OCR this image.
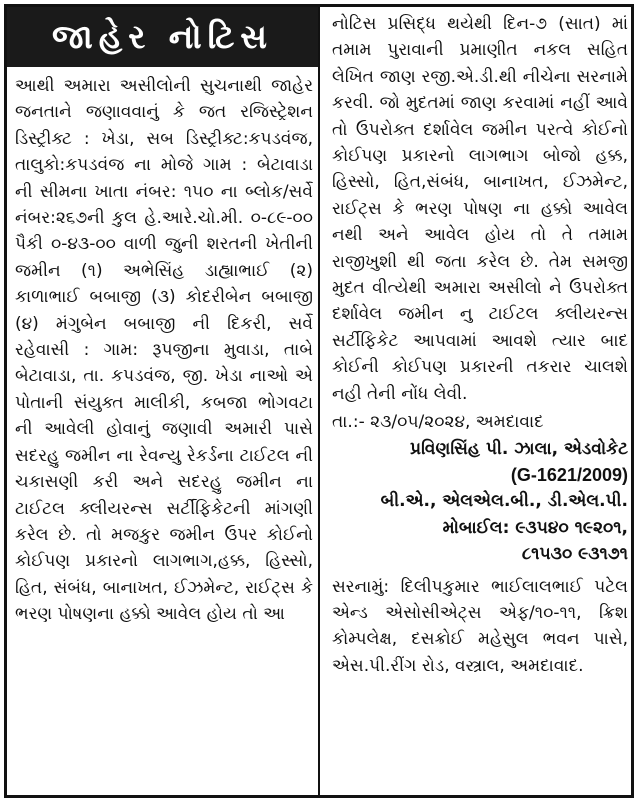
જાહેર નોટિસ
આથી અમારા અસીલોની સુચનાથી જાહેર જનતાને જણાવવાનું કે જત રજિસ્ટ્રેશન ડિસ્ટ્રીક્ટ : ખેડા, સબ ડિસ્ટ્રીક્ટ:કપડવંજ, તાલુકો:કપડવંજ ના મોજે ગામ : બેટાવાડા ની સીમના ખાતા નંબર: ૧૫૦ ના બ્લોક/સર્વે નંબર:૨૬૭ની કુલ હે.આરે.ચો.મી. ૦-૮૯-૦૦ પૈકી ૦-૪૩-૦૦ વાળી જુની શરતની ખેતીની જમીન (૧) અભેસિંહ ડાહ્યાભાઈ (૨) કાળાભાઈ બબાજી (૩) કોદરીબેન બબાજી (૪) મંગુબેન બબાજી ની દિકરી, સર્વે રહેવાસી : ગામ: રૂપજીના મુવાડા, તાબે બેટાવાડા, તા. કપડવંજ, જી. ખેડા નાઓ એ પોતાની સંયુક્ત માલીકી, કબજા ભોગવટા ની આવેલી હોવાનું જણાવી અમારી પાસે સદરહુ જમીન ના રેવન્યુ રેકર્ડના ટાઈટલ ની ચકાસણી કરી અને સદરહુ જમીન ના ટાઈટલ ક્લીયરન્સ સર્ટીફિકેટની માંગણી કરેલ છે. તો મજકુર જમીન ઉપર કોઈનો કોઈપણ પ્રકારનો લાગભાગ,હક્ક, હિસ્સો, હિત, સંબંધ, બાનાખત, ઈઝમેન્ટ, રાઈટ્સ કે ભરણ પોષણના હક્કો આવેલ હોય તો આ
નોટિસ પ્રસિદ્ધ થયેથી દિન-૭ (સાત) માં તમામ પુરાવાની પ્રમાણીત નકલ સહિત લેખિત જાણ રજી.એ.ડી.થી નીચેના સરનામે કરવી. જો મુદતમાં જાણ કરવામાં નહીં આવે તો ઉપરોક્ત દર્શાવેલ જમીન પરત્વે કોઈનો કોઈપણ પ્રકારનો લાગભાગ બોજો હક્ક, હિસ્સો, હિત,સંબંધ, બાનાખત, ઈઝમેન્ટ, રાઈટ્સ કે ભરણ પોષણ ના હક્કો આવેલ નથી અને આવેલ હોય તો તે તમામ રાજીખુશી થી જતા કરેલ છે. તેમ સમજી મુદત વીત્યેથી અમારા અસીલો ને ઉપરોક્ત દર્શાવેલ જમીન નુ ટાઈટલ ક્લીયરન્સ સર્ટીફિકેટ આપવામાં આવશે ત્યાર બાદ કોઈની કોઈપણ પ્રકારની તકરાર ચાલશે નહી તેની નોંધ લેવી.
તા.:- ૨૩/૦૫/૨૦૨૪, અમદાવાદ
પ્રવિણસિંહ પી. ઝાલા, એડવોકેટ
(G-1621/2009)
બી.એ., એલએલ.બી., ડી.એલ.પી.
મોબાઈલ: ૯૩૫૪૦ ૧૯૨૦૧,
૮૧૫૩૦ ૯૩૧૭૧
સરનામું: દિલીપકુમાર ભાઈલાલભાઈ પટેલ એન્ડ એસોસીએટ્સ એફ/૧૦-૧૧, ક્રિશ કોમ્પલેક્ષ, દસક્રોઈ મહેસુલ ભવન પાસે, એસ.પી.રીંગ રોડ, વસ્ત્રાલ, અમદાવાદ.
